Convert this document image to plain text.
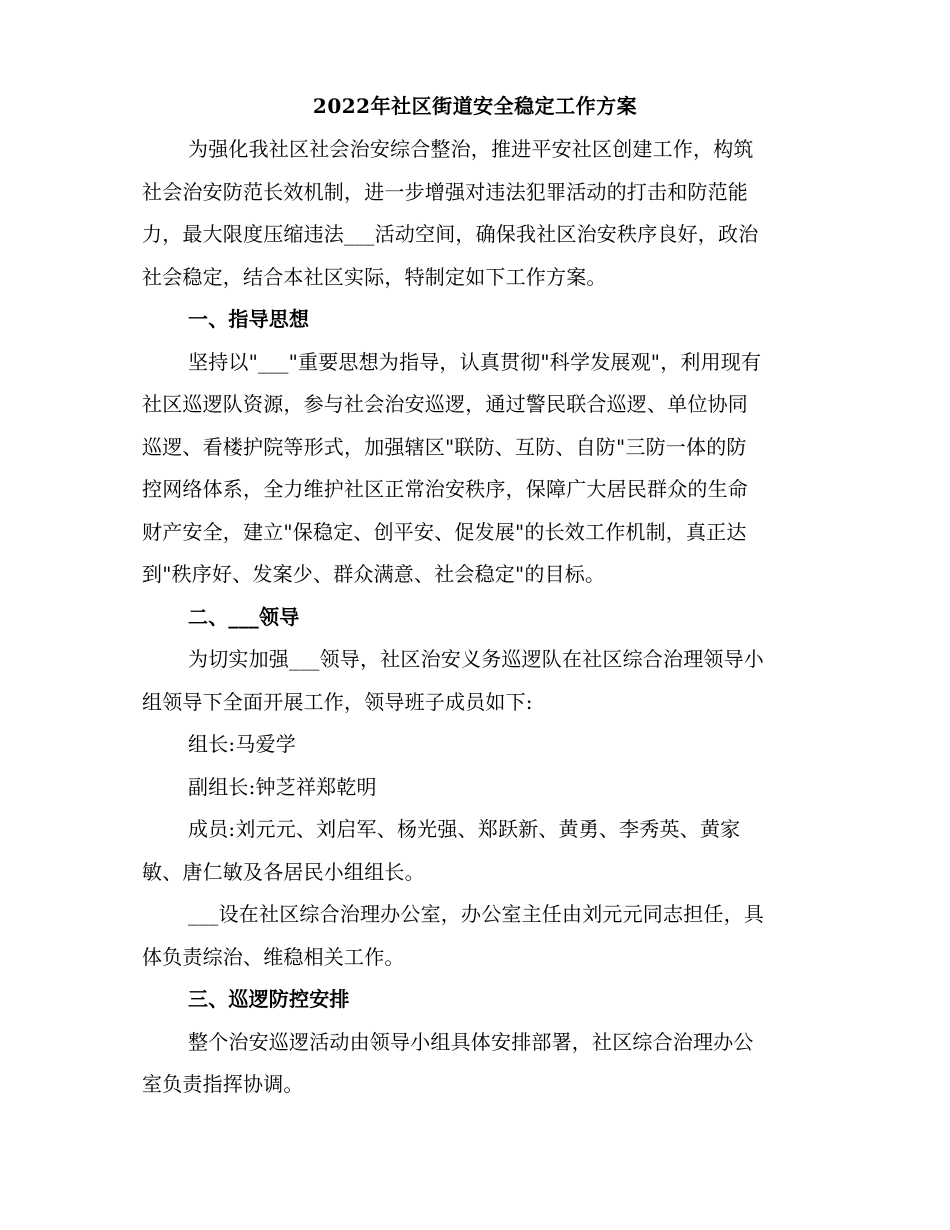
2022年社区街道安全稳定工作方案
为强化我社区社会治安综合整治，推进平安社区创建工作，构筑
社会治安防范长效机制，进一步增强对违法犯罪活动的打击和防范能
力，最大限度压缩违法___活动空间，确保我社区治安秩序良好，政治
社会稳定，结合本社区实际，特制定如下工作方案。
一、指导思想
坚持以"___"重要思想为指导，认真贯彻"科学发展观"，利用现有
社区巡逻队资源，参与社会治安巡逻，通过警民联合巡逻、单位协同
巡逻、看楼护院等形式，加强辖区"联防、互防、自防"三防一体的防
控网络体系，全力维护社区正常治安秩序，保障广大居民群众的生命
财产安全，建立"保稳定、创平安、促发展"的长效工作机制，真正达
到"秩序好、发案少、群众满意、社会稳定"的目标。
二、___领导
为切实加强___领导，社区治安义务巡逻队在社区综合治理领导小
组领导下全面开展工作，领导班子成员如下:
组长:马爱学
副组长:钟芝祥郑乾明
成员:刘元元、刘启军、杨光强、郑跃新、黄勇、李秀英、黄家
敏、唐仁敏及各居民小组组长。
___设在社区综合治理办公室，办公室主任由刘元元同志担任，具
体负责综治、维稳相关工作。
三、巡逻防控安排
整个治安巡逻活动由领导小组具体安排部署，社区综合治理办公
室负责指挥协调。
